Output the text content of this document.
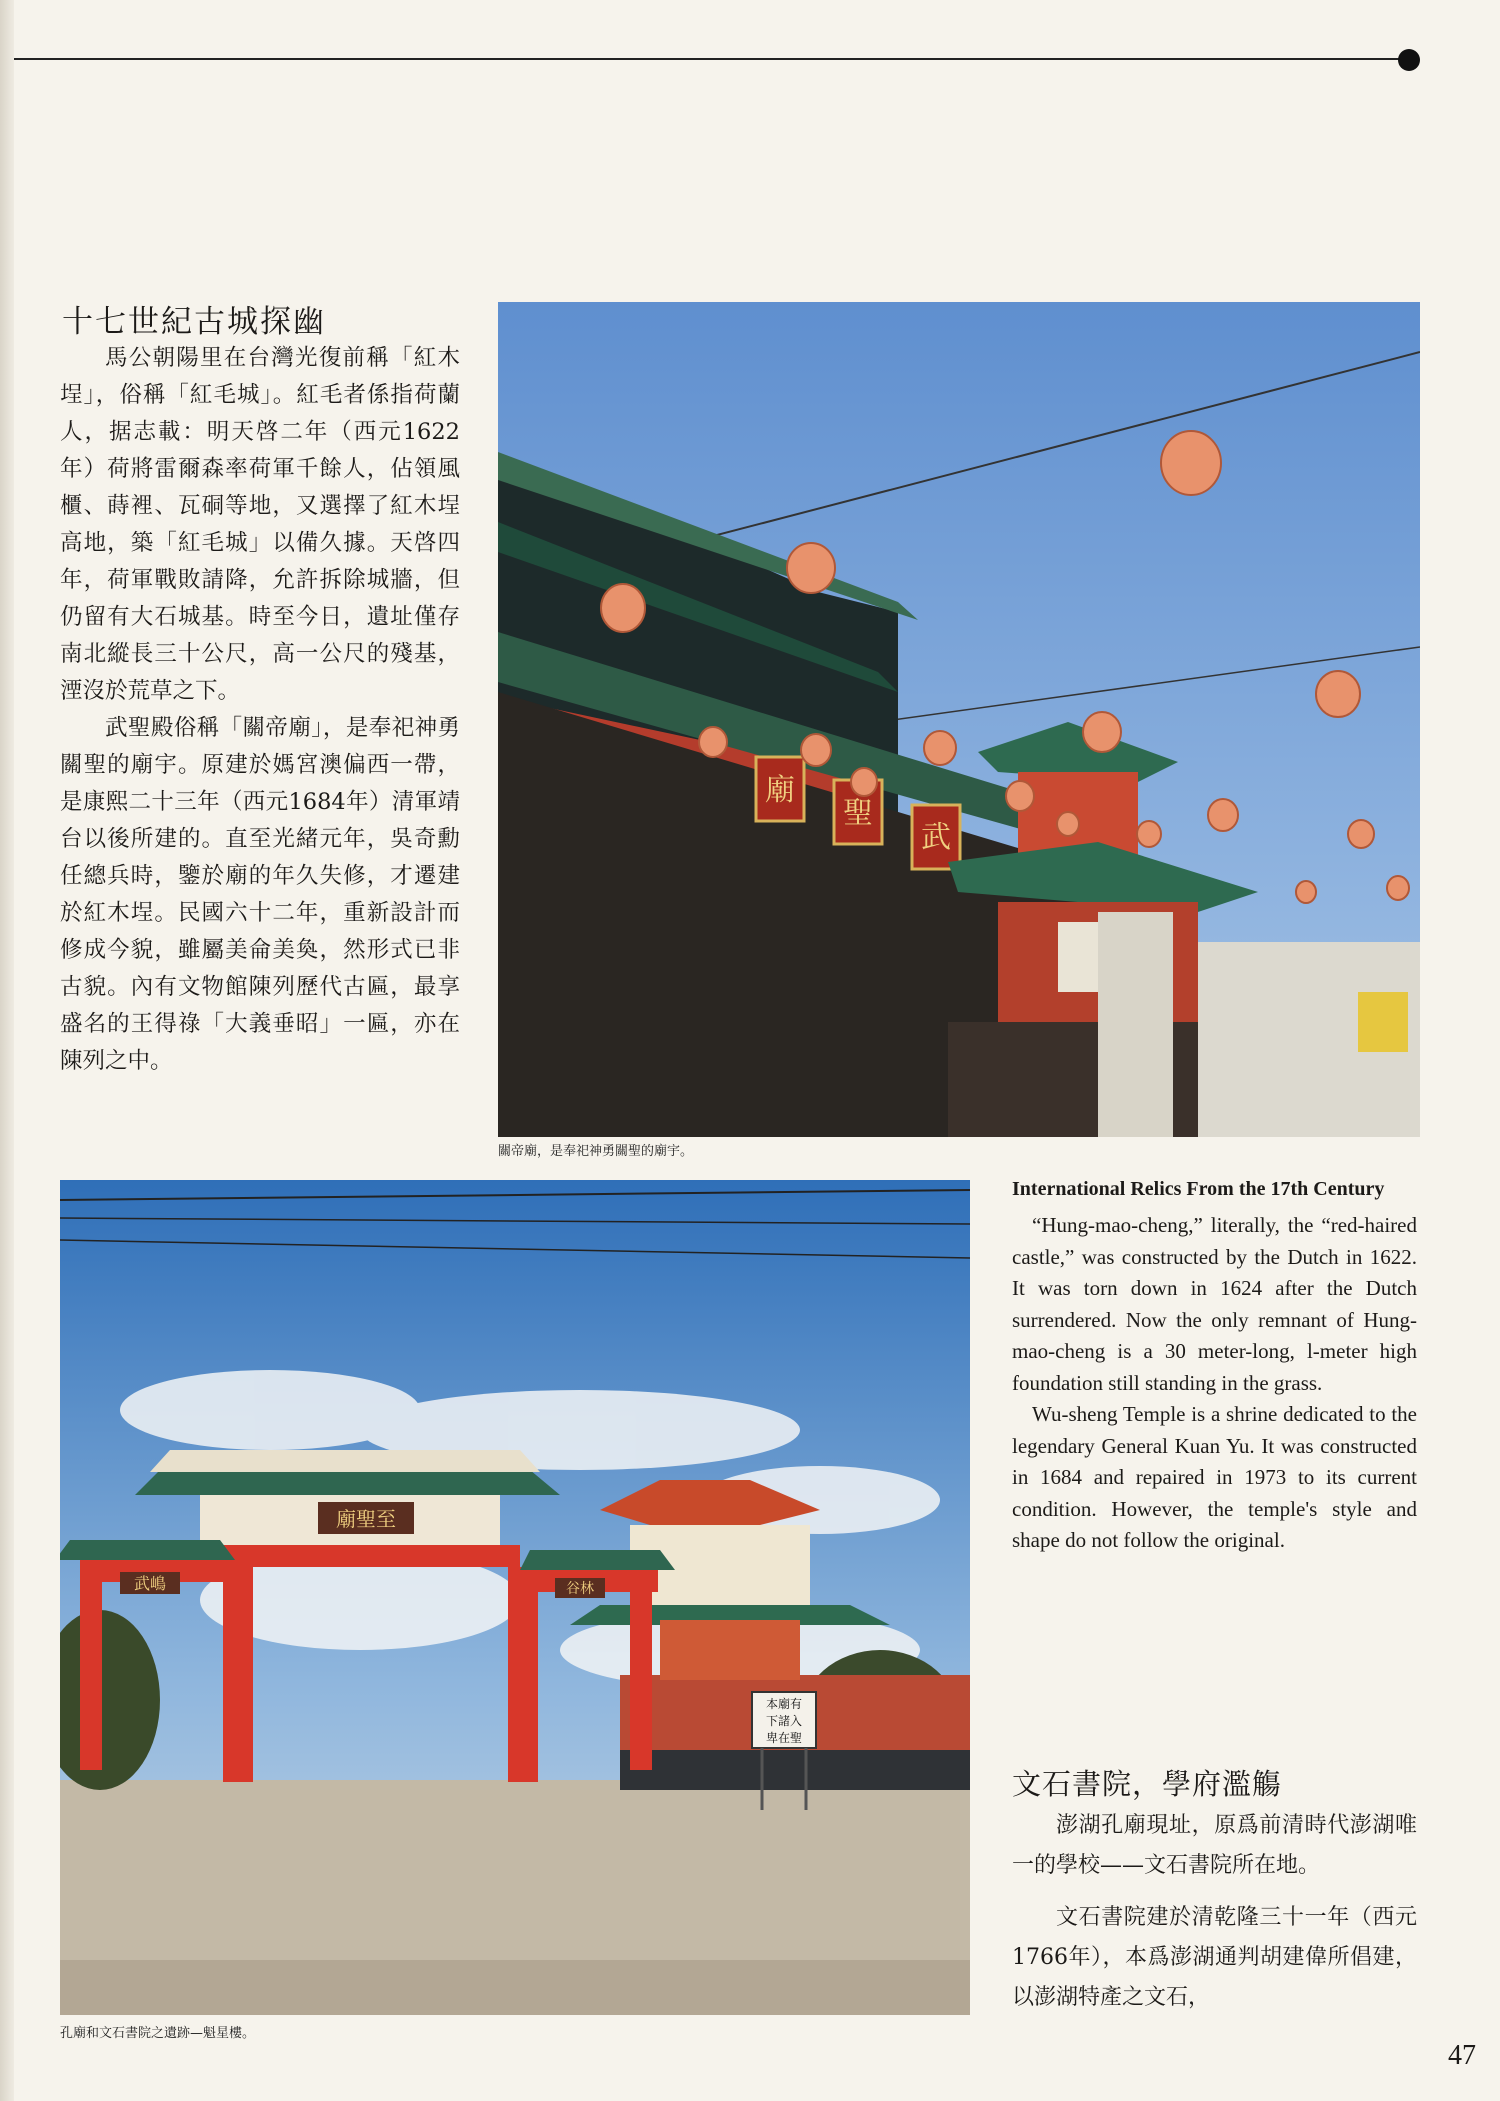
十七世紀古城探幽

馬公朝陽里在台灣光復前稱「紅木埕」，俗稱「紅毛城」。紅毛者係指荷蘭人，据志載：明天啓二年（西元1622年）荷將雷爾森率荷軍千餘人，佔領風櫃、蒔裡、瓦硐等地，又選擇了紅木埕高地，築「紅毛城」以備久據。天啓四年，荷軍戰敗請降，允許拆除城牆，但仍留有大石城基。時至今日，遺址僅存南北縱長三十公尺，高一公尺的殘基，湮沒於荒草之下。

武聖殿俗稱「關帝廟」，是奉祀神勇關聖的廟宇。原建於媽宮澳偏西一帶，是康熙二十三年（西元1684年）清軍靖台以後所建的。直至光緒元年，吳奇勳任總兵時，鑒於廟的年久失修，才遷建於紅木埕。民國六十二年，重新設計而修成今貌，雖屬美侖美奐，然形式已非古貌。內有文物館陳列歷代古匾，最享盛名的王得祿「大義垂昭」一匾，亦在陳列之中。

武
聖
廟
關帝廟，是奉祀神勇關聖的廟宇。
廟聖至
武嶋	谷林
本廟有
下諸入
卑在聖
孔廟和文石書院之遺跡—魁星樓。
International Relics From the 17th Century

“Hung-mao-cheng,” literally, the “red-haired castle,” was constructed by the Dutch in 1622. It was torn down in 1624 after the Dutch surrendered. Now the only remnant of Hung-mao-cheng is a 30 meter-long, l-meter high foundation still standing in the grass.

Wu-sheng Temple is a shrine dedicated to the legendary General Kuan Yu. It was constructed in 1684 and repaired in 1973 to its current condition. However, the temple's style and shape do not follow the original.

文石書院，學府濫觴

澎湖孔廟現址，原爲前清時代澎湖唯一的學校——文石書院所在地。

文石書院建於清乾隆三十一年（西元1766年），本爲澎湖通判胡建偉所倡建，以澎湖特產之文石，

47
